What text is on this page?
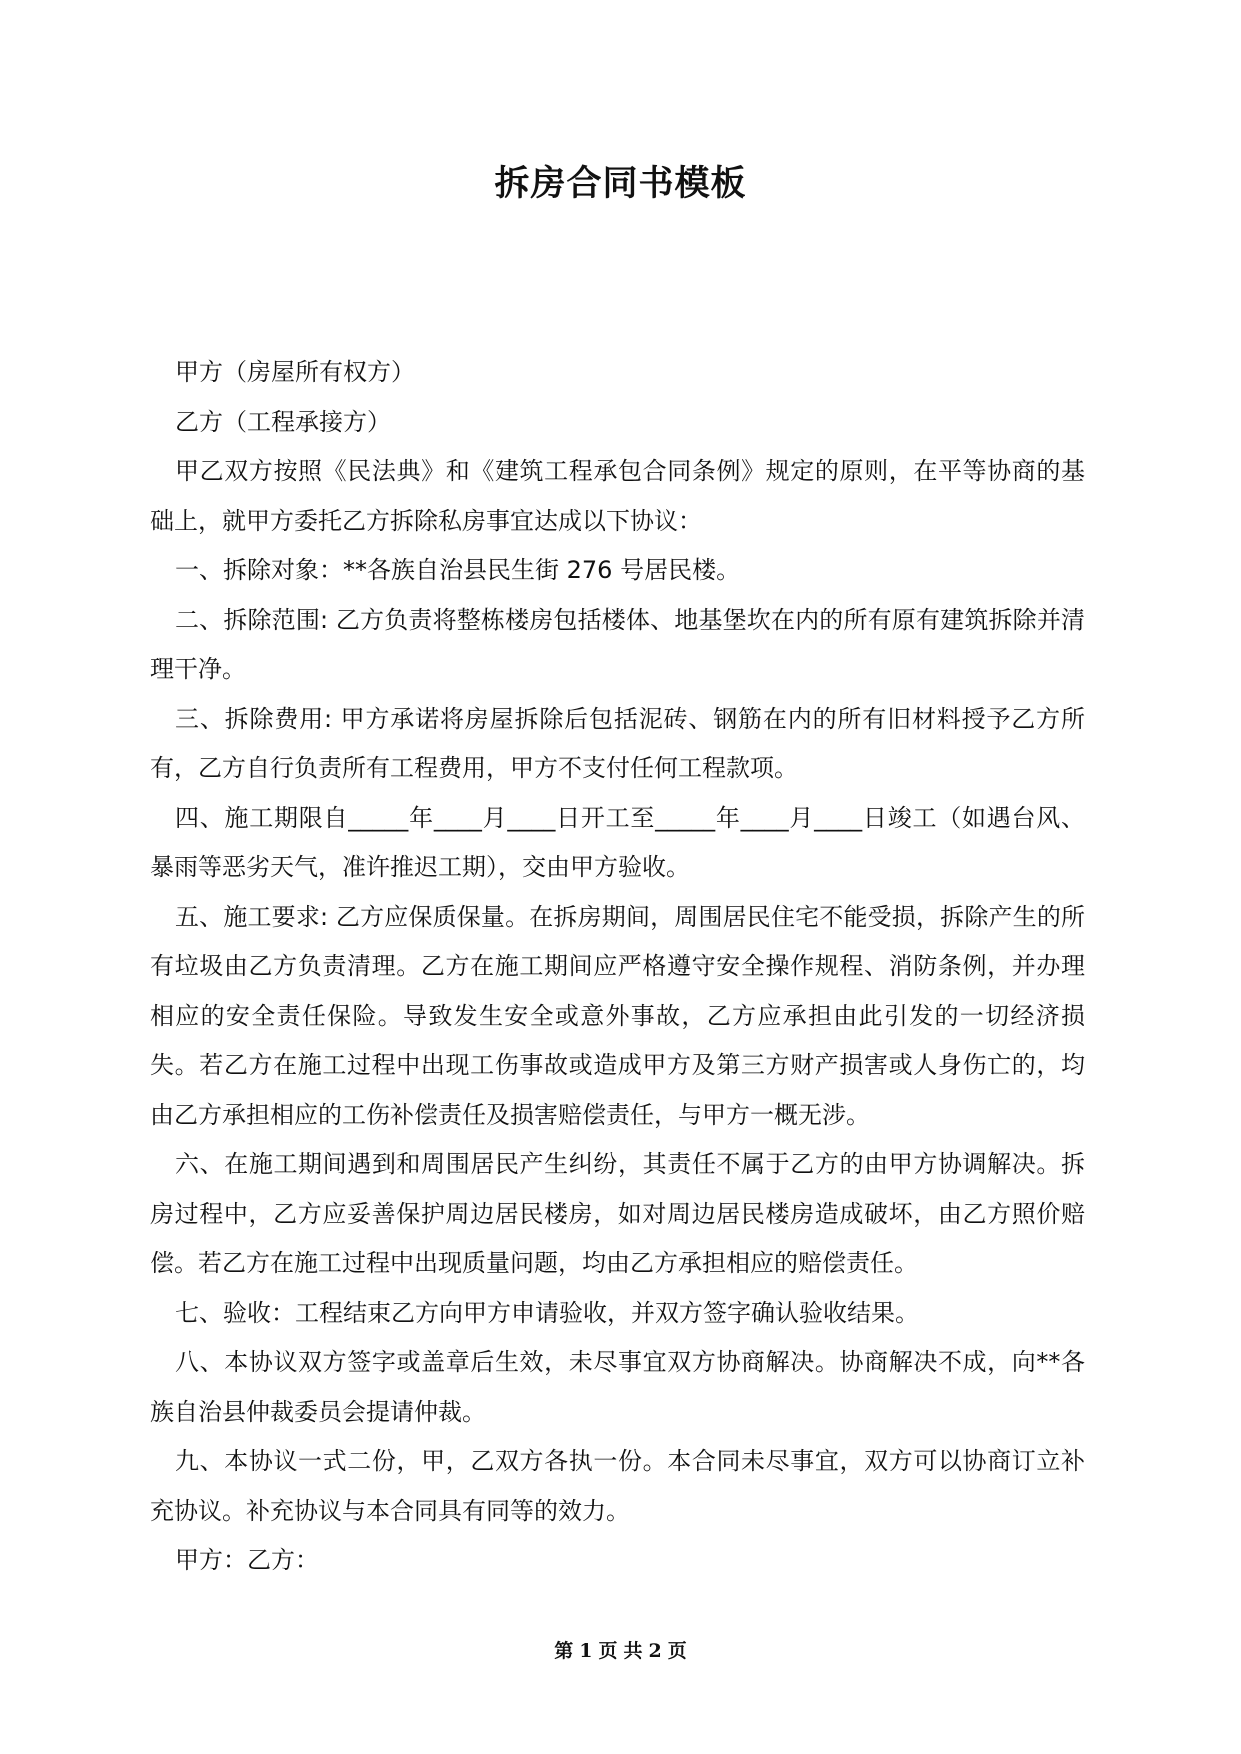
拆房合同书模板

甲方（房屋所有权方）

乙方（工程承接方）

甲乙双方按照《民法典》和《建筑工程承包合同条例》规定的原则，在平等协商的基础上，就甲方委托乙方拆除私房事宜达成以下协议：

一、拆除对象：**各族自治县民生街 276 号居民楼。

二、拆除范围: 乙方负责将整栋楼房包括楼体、地基堡坎在内的所有原有建筑拆除并清理干净。

三、拆除费用: 甲方承诺将房屋拆除后包括泥砖、钢筋在内的所有旧材料授予乙方所有，乙方自行负责所有工程费用，甲方不支付任何工程款项。

四、施工期限自_____年____月____日开工至_____年____月____日竣工（如遇台风、暴雨等恶劣天气，准许推迟工期），交由甲方验收。

五、施工要求: 乙方应保质保量。在拆房期间，周围居民住宅不能受损，拆除产生的所有垃圾由乙方负责清理。乙方在施工期间应严格遵守安全操作规程、消防条例，并办理相应的安全责任保险。导致发生安全或意外事故，乙方应承担由此引发的一切经济损失。若乙方在施工过程中出现工伤事故或造成甲方及第三方财产损害或人身伤亡的，均由乙方承担相应的工伤补偿责任及损害赔偿责任，与甲方一概无涉。

六、在施工期间遇到和周围居民产生纠纷，其责任不属于乙方的由甲方协调解决。拆房过程中，乙方应妥善保护周边居民楼房，如对周边居民楼房造成破坏，由乙方照价赔偿。若乙方在施工过程中出现质量问题，均由乙方承担相应的赔偿责任。

七、验收：工程结束乙方向甲方申请验收，并双方签字确认验收结果。

八、本协议双方签字或盖章后生效，未尽事宜双方协商解决。协商解决不成，向**各族自治县仲裁委员会提请仲裁。

九、本协议一式二份，甲，乙双方各执一份。本合同未尽事宜，双方可以协商订立补充协议。补充协议与本合同具有同等的效力。

甲方：乙方：

第 1 页 共 2 页
